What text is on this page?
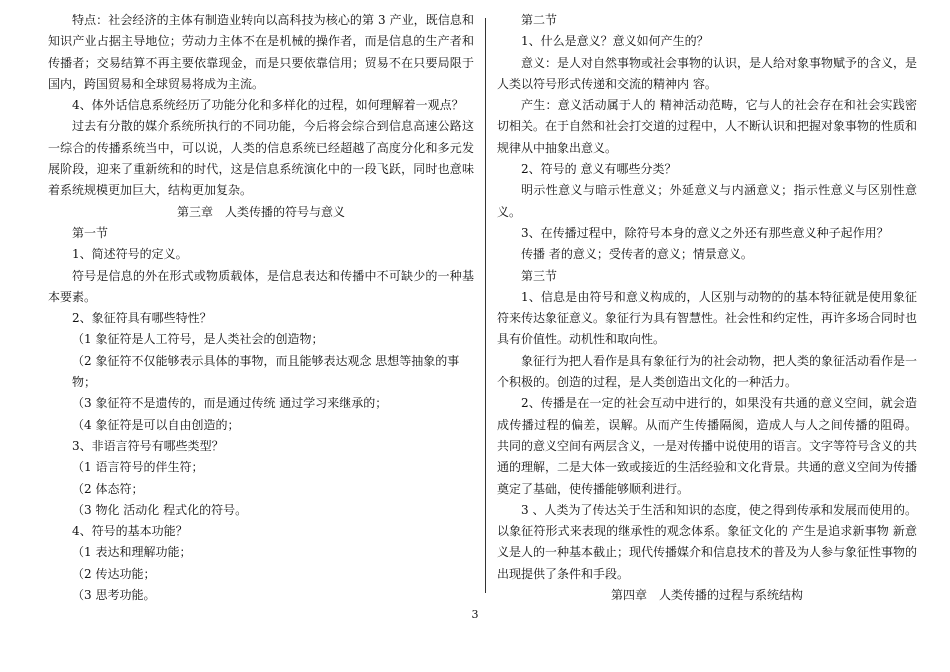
特点：社会经济的主体有制造业转向以高科技为核心的第 3 产业，既信息和知识产业占据主导地位；劳动力主体不在是机械的操作者，而是信息的生产者和传播者；交易结算不再主要依靠现金，而是只要依靠信用；贸易不在只要局限于国内，跨国贸易和全球贸易将成为主流。

4、体外话信息系统经历了功能分化和多样化的过程，如何理解着一观点？

过去有分散的媒介系统所执行的不同功能，今后将会综合到信息高速公路这一综合的传播系统当中，可以说，人类的信息系统已经超越了高度分化和多元发展阶段，迎来了重新统和的时代，这是信息系统演化中的一段飞跃，同时也意味着系统规模更加巨大，结构更加复杂。

第三章　人类传播的符号与意义

第一节

1、简述符号的定义。

符号是信息的外在形式或物质载体，是信息表达和传播中不可缺少的一种基本要素。

2、象征符具有哪些特性？

（1 象征符是人工符号，是人类社会的创造物；

（2 象征符不仅能够表示具体的事物，而且能够表达观念 思想等抽象的事物；

（3 象征符不是遗传的，而是通过传统 通过学习来继承的；

（4 象征符是可以自由创造的；

3、非语言符号有哪些类型？

（1 语言符号的伴生符；

（2 体态符；

（3 物化 活动化 程式化的符号。

4、符号的基本功能？

（1 表达和理解功能；

（2 传达功能；

（3 思考功能。

第二节

1、什么是意义？意义如何产生的？

意义：是人对自然事物或社会事物的认识，是人给对象事物赋予的含义，是人类以符号形式传递和交流的精神内 容。

产生：意义活动属于人的 精神活动范畴，它与人的社会存在和社会实践密切相关。在于自然和社会打交道的过程中，人不断认识和把握对象事物的性质和规律从中抽象出意义。

2、符号的 意义有哪些分类？

明示性意义与暗示性意义；外延意义与内涵意义；指示性意义与区别性意义。

3、在传播过程中，除符号本身的意义之外还有那些意义种子起作用？

传播 者的意义；受传者的意义；情景意义。

第三节

1、信息是由符号和意义构成的，人区别与动物的的基本特征就是使用象征符来传达象征意义。象征行为具有智慧性。社会性和约定性，再许多场合同时也具有价值性。动机性和取向性。

象征行为把人看作是具有象征行为的社会动物，把人类的象征活动看作是一个积极的。创造的过程，是人类创造出文化的一种活力。

2、传播是在一定的社会互动中进行的，如果没有共通的意义空间，就会造成传播过程的偏差，误解。从而产生传播隔阂，造成人与人之间传播的阻碍。 共同的意义空间有两层含义，一是对传播中说使用的语言。文字等符号含义的共通的理解，二是大体一致或接近的生活经验和文化背景。共通的意义空间为传播奠定了基础，使传播能够顺利进行。

3 、人类为了传达关于生活和知识的态度，使之得到传承和发展而使用的。以象征符形式来表现的继承性的观念体系。象征文化的 产生是追求新事物 新意义是人的一种基本截止；现代传播媒介和信息技术的普及为人参与象征性事物的出现提供了条件和手段。

第四章　人类传播的过程与系统结构

3
